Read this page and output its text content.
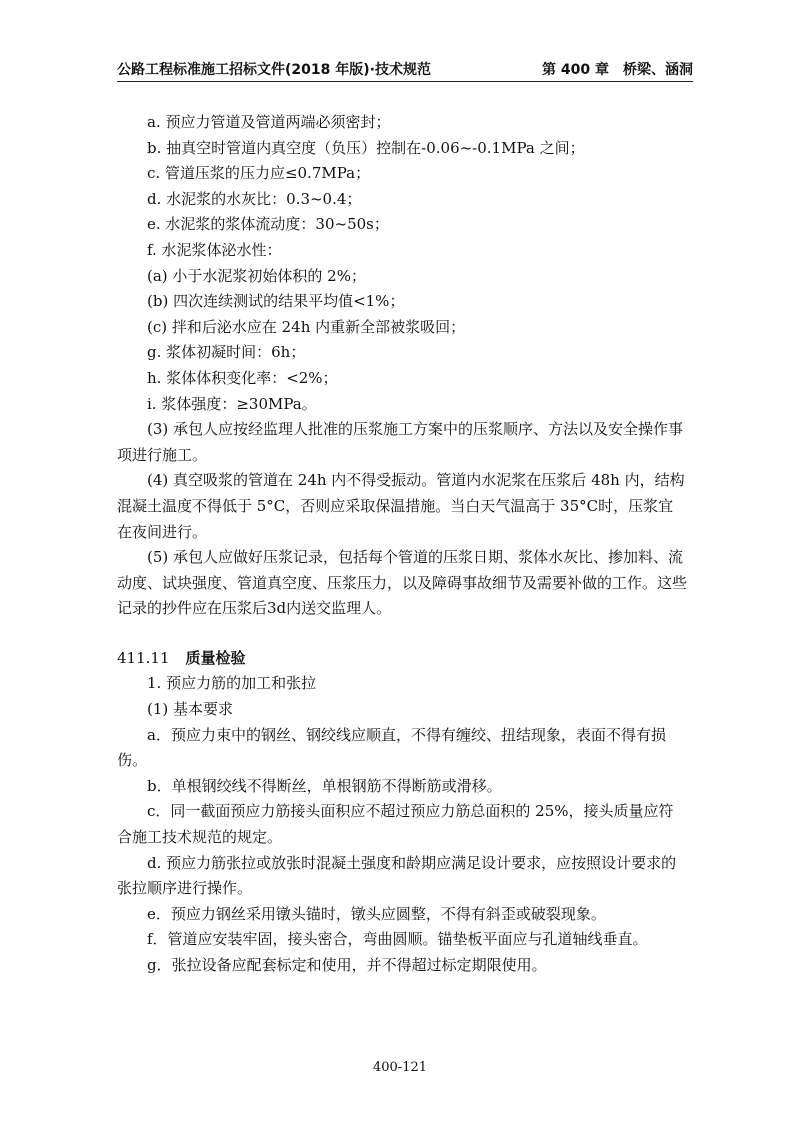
公路工程标准施工招标文件(2018 年版)·技术规范	第 400 章　桥梁、涵洞

a. 预应力管道及管道两端必须密封；

b. 抽真空时管道内真空度（负压）控制在-0.06~-0.1MPa 之间；

c. 管道压浆的压力应≤0.7MPa；

d. 水泥浆的水灰比：0.3~0.4；

e. 水泥浆的浆体流动度：30~50s；

f. 水泥浆体泌水性：

(a) 小于水泥浆初始体积的 2%；

(b) 四次连续测试的结果平均值<1%；

(c) 拌和后泌水应在 24h 内重新全部被浆吸回；

g. 浆体初凝时间：6h；

h. 浆体体积变化率：<2%；

i. 浆体强度：≥30MPa。

(3) 承包人应按经监理人批准的压浆施工方案中的压浆顺序、方法以及安全操作事项进行施工。

(4) 真空吸浆的管道在 24h 内不得受振动。管道内水泥浆在压浆后 48h 内，结构混凝土温度不得低于 5°C，否则应采取保温措施。当白天气温高于 35°C时，压浆宜在夜间进行。

(5) 承包人应做好压浆记录，包括每个管道的压浆日期、浆体水灰比、掺加料、流动度、试块强度、管道真空度、压浆压力，以及障碍事故细节及需要补做的工作。这些记录的抄件应在压浆后3d内送交监理人。

411.11 质量检验

1. 预应力筋的加工和张拉

(1) 基本要求

a．预应力束中的钢丝、钢绞线应顺直，不得有缠绞、扭结现象，表面不得有损伤。

b．单根钢绞线不得断丝，单根钢筋不得断筋或滑移。

c．同一截面预应力筋接头面积应不超过预应力筋总面积的 25%，接头质量应符合施工技术规范的规定。

d. 预应力筋张拉或放张时混凝土强度和龄期应满足设计要求，应按照设计要求的张拉顺序进行操作。

e．预应力钢丝采用镦头锚时，镦头应圆整，不得有斜歪或破裂现象。

f．管道应安装牢固，接头密合，弯曲圆顺。锚垫板平面应与孔道轴线垂直。

g．张拉设备应配套标定和使用，并不得超过标定期限使用。

400-121
